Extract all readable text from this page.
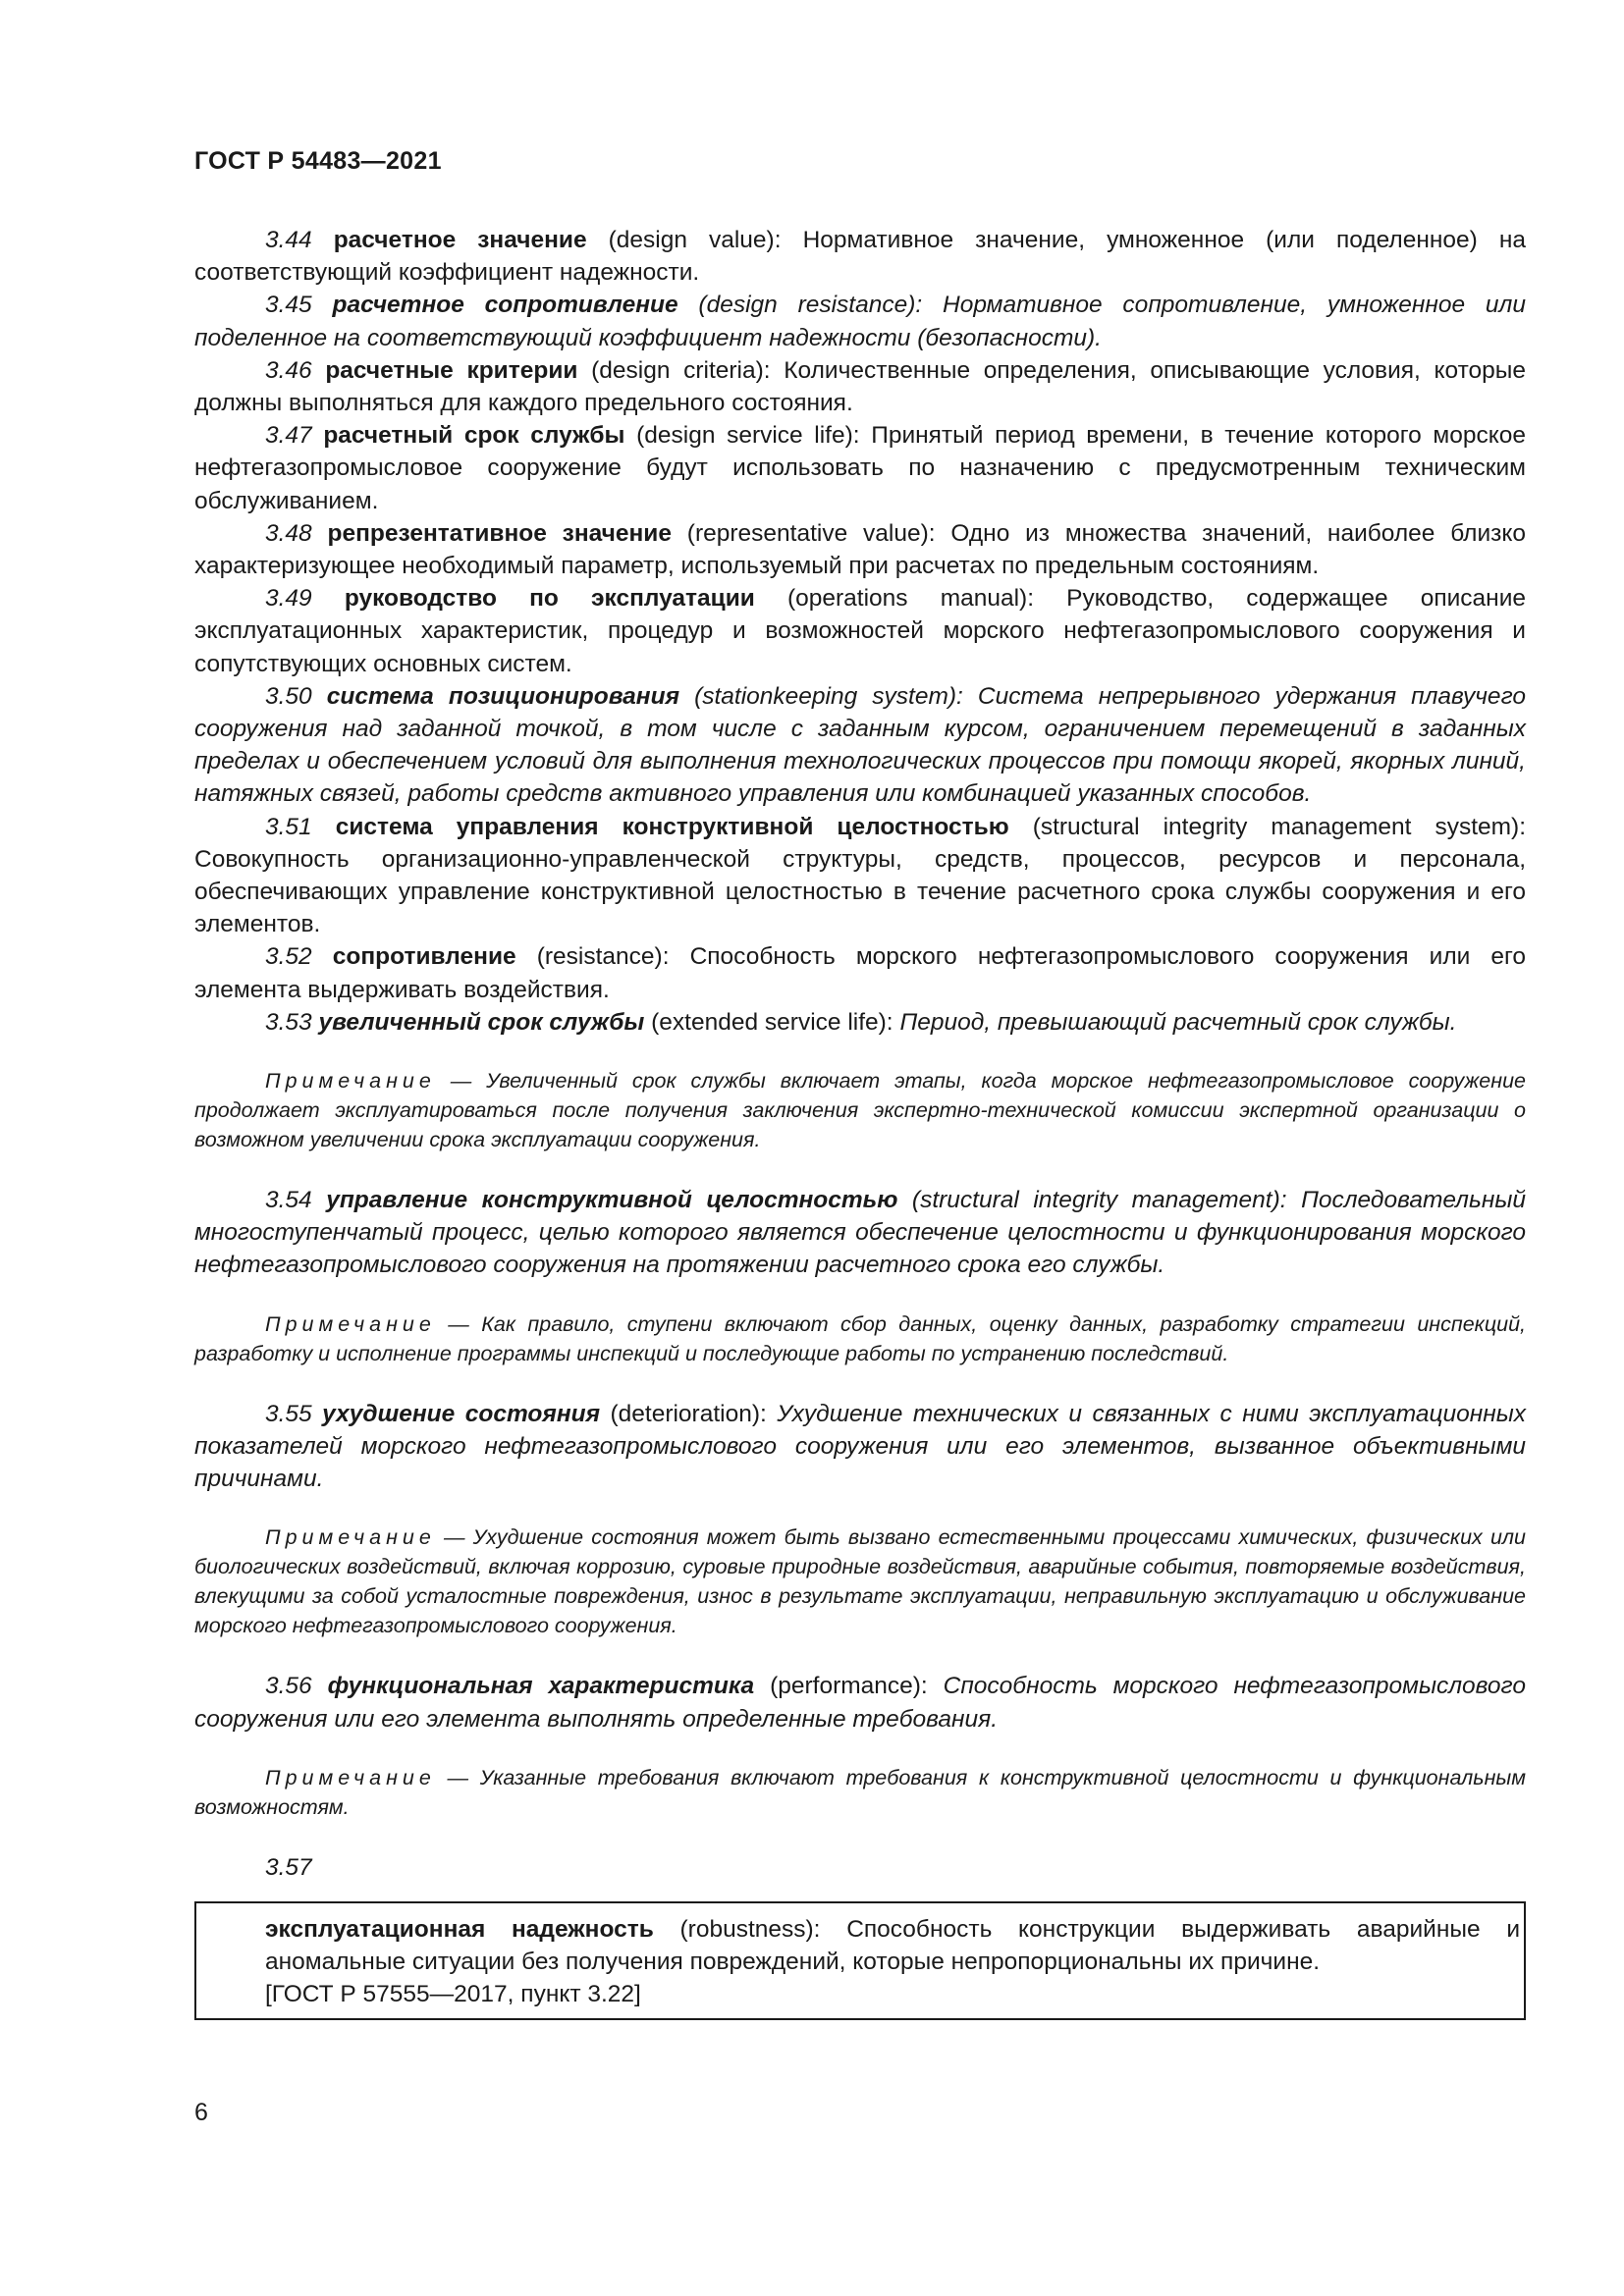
ГОСТ Р 54483—2021

3.44 расчетное значение (design value): Нормативное значение, умноженное (или поделенное) на соответствующий коэффициент надежности.

3.45 расчетное сопротивление (design resistance): Нормативное сопротивление, умноженное или поделенное на соответствующий коэффициент надежности (безопасности).

3.46 расчетные критерии (design criteria): Количественные определения, описывающие условия, которые должны выполняться для каждого предельного состояния.

3.47 расчетный срок службы (design service life): Принятый период времени, в течение которого морское нефтегазопромысловое сооружение будут использовать по назначению с предусмотренным техническим обслуживанием.

3.48 репрезентативное значение (representative value): Одно из множества значений, наиболее близко характеризующее необходимый параметр, используемый при расчетах по предельным состояниям.

3.49 руководство по эксплуатации (operations manual): Руководство, содержащее описание эксплуатационных характеристик, процедур и возможностей морского нефтегазопромыслового сооружения и сопутствующих основных систем.

3.50 система позиционирования (stationkeeping system): Система непрерывного удержания плавучего сооружения над заданной точкой, в том числе с заданным курсом, ограничением перемещений в заданных пределах и обеспечением условий для выполнения технологических процессов при помощи якорей, якорных линий, натяжных связей, работы средств активного управления или комбинацией указанных способов.

3.51 система управления конструктивной целостностью (structural integrity management system): Совокупность организационно-управленческой структуры, средств, процессов, ресурсов и персонала, обеспечивающих управление конструктивной целостностью в течение расчетного срока службы сооружения и его элементов.

3.52 сопротивление (resistance): Способность морского нефтегазопромыслового сооружения или его элемента выдерживать воздействия.

3.53 увеличенный срок службы (extended service life): Период, превышающий расчетный срок службы.

Примечание — Увеличенный срок службы включает этапы, когда морское нефтегазопромысловое сооружение продолжает эксплуатироваться после получения заключения экспертно-технической комиссии экспертной организации о возможном увеличении срока эксплуатации сооружения.

3.54 управление конструктивной целостностью (structural integrity management): Последовательный многоступенчатый процесс, целью которого является обеспечение целостности и функционирования морского нефтегазопромыслового сооружения на протяжении расчетного срока его службы.

Примечание — Как правило, ступени включают сбор данных, оценку данных, разработку стратегии инспекций, разработку и исполнение программы инспекций и последующие работы по устранению последствий.

3.55 ухудшение состояния (deterioration): Ухудшение технических и связанных с ними эксплуатационных показателей морского нефтегазопромыслового сооружения или его элементов, вызванное объективными причинами.

Примечание — Ухудшение состояния может быть вызвано естественными процессами химических, физических или биологических воздействий, включая коррозию, суровые природные воздействия, аварийные события, повторяемые воздействия, влекущими за собой усталостные повреждения, износ в результате эксплуатации, неправильную эксплуатацию и обслуживание морского нефтегазопромыслового сооружения.

3.56 функциональная характеристика (performance): Способность морского нефтегазопромыслового сооружения или его элемента выполнять определенные требования.

Примечание — Указанные требования включают требования к конструктивной целостности и функциональным возможностям.

3.57

эксплуатационная надежность (robustness): Способность конструкции выдерживать аварийные и аномальные ситуации без получения повреждений, которые непропорциональны их причине.
[ГОСТ Р 57555—2017, пункт 3.22]
6
